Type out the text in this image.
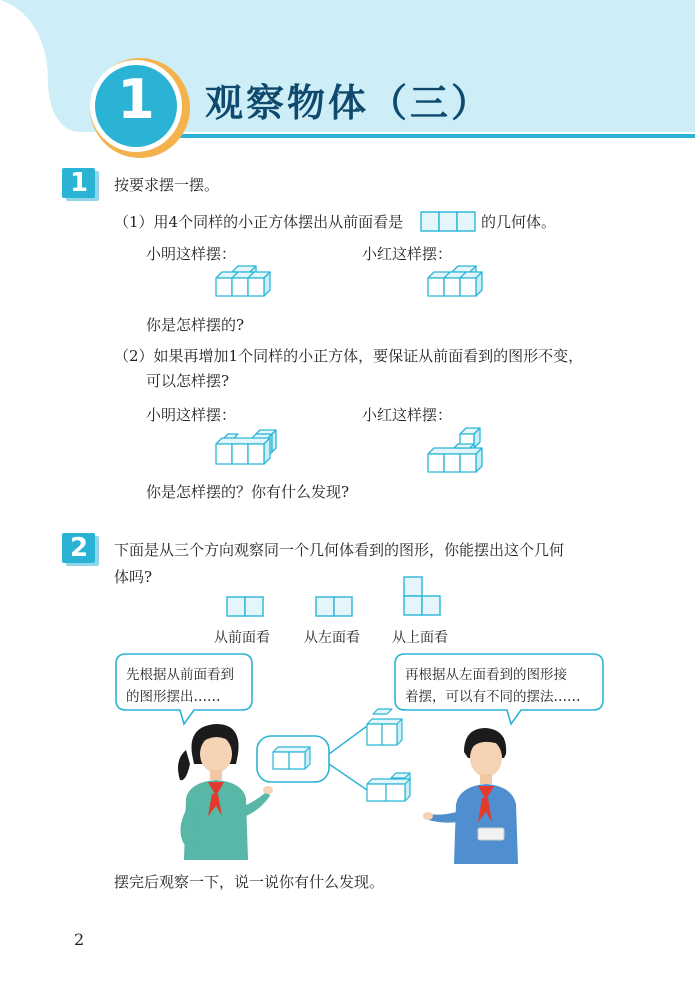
1	观察物体（三）
1	按要求摆一摆。
（1）用4个同样的小正方体摆出从前面看是	的几何体。
小明这样摆：	小红这样摆：
你是怎样摆的?
（2）如果再增加1个同样的小正方体，要保证从前面看到的图形不变，
可以怎样摆?
小明这样摆：	小红这样摆：
你是怎样摆的？你有什么发现?
2	下面是从三个方向观察同一个几何体看到的图形，你能摆出这个几何
体吗?
从前面看 从左面看 从上面看
先根据从前面看到
的图形摆出……
再根据从左面看到的图形接
着摆，可以有不同的摆法……
摆完后观察一下，说一说你有什么发现。
2
